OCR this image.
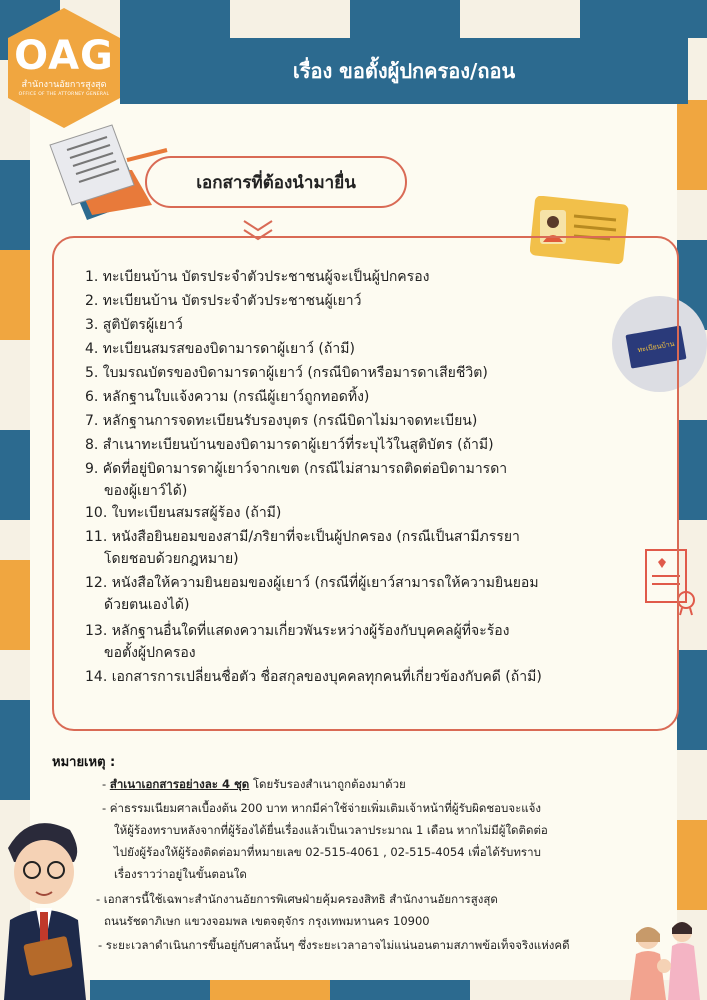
เรื่อง ขอตั้งผู้ปกครอง/ถอน
OAG
สำนักงานอัยการสูงสุด
OFFICE OF THE ATTORNEY GENERAL
เอกสารที่ต้องนำมายื่น
ทะเบียนบ้าน
1. ทะเบียนบ้าน บัตรประจำตัวประชาชนผู้จะเป็นผู้ปกครอง
2. ทะเบียนบ้าน บัตรประจำตัวประชาชนผู้เยาว์
3. สูติบัตรผู้เยาว์
4. ทะเบียนสมรสของบิดามารดาผู้เยาว์ (ถ้ามี)
5. ใบมรณบัตรของบิดามารดาผู้เยาว์ (กรณีบิดาหรือมารดาเสียชีวิต)
6. หลักฐานใบแจ้งความ (กรณีผู้เยาว์ถูกทอดทิ้ง)
7. หลักฐานการจดทะเบียนรับรองบุตร (กรณีบิดาไม่มาจดทะเบียน)
8. สำเนาทะเบียนบ้านของบิดามารดาผู้เยาว์ที่ระบุไว้ในสูติบัตร (ถ้ามี)
9. คัดที่อยู่บิดามารดาผู้เยาว์จากเขต (กรณีไม่สามารถติดต่อบิดามารดา
ของผู้เยาว์ได้)
10. ใบทะเบียนสมรสผู้ร้อง (ถ้ามี)
11. หนังสือยินยอมของสามี/ภริยาที่จะเป็นผู้ปกครอง (กรณีเป็นสามีภรรยา
โดยชอบด้วยกฎหมาย)
12. หนังสือให้ความยินยอมของผู้เยาว์ (กรณีที่ผู้เยาว์สามารถให้ความยินยอม
ด้วยตนเองได้)
13. หลักฐานอื่นใดที่แสดงความเกี่ยวพันระหว่างผู้ร้องกับบุคคลผู้ที่จะร้อง
ขอตั้งผู้ปกครอง
14. เอกสารการเปลี่ยนชื่อตัว ชื่อสกุลของบุคคลทุกคนที่เกี่ยวข้องกับคดี (ถ้ามี)
หมายเหตุ :
- สำเนาเอกสารอย่างละ 4 ชุด โดยรับรองสำเนาถูกต้องมาด้วย
- ค่าธรรมเนียมศาลเบื้องต้น 200 บาท หากมีค่าใช้จ่ายเพิ่มเติมเจ้าหน้าที่ผู้รับผิดชอบจะแจ้ง
ให้ผู้ร้องทราบหลังจากที่ผู้ร้องได้ยื่นเรื่องแล้วเป็นเวลาประมาณ 1 เดือน หากไม่มีผู้ใดติดต่อ
ไปยังผู้ร้องให้ผู้ร้องติดต่อมาที่หมายเลข 02-515-4061 , 02-515-4054 เพื่อได้รับทราบ
เรื่องราวว่าอยู่ในขั้นตอนใด
- เอกสารนี้ใช้เฉพาะสำนักงานอัยการพิเศษฝ่ายคุ้มครองสิทธิ สำนักงานอัยการสูงสุด
ถนนรัชดาภิเษก แขวงจอมพล เขตจตุจักร กรุงเทพมหานคร 10900
- ระยะเวลาดำเนินการขึ้นอยู่กับศาลนั้นๆ ซึ่งระยะเวลาอาจไม่แน่นอนตามสภาพข้อเท็จจริงแห่งคดี
